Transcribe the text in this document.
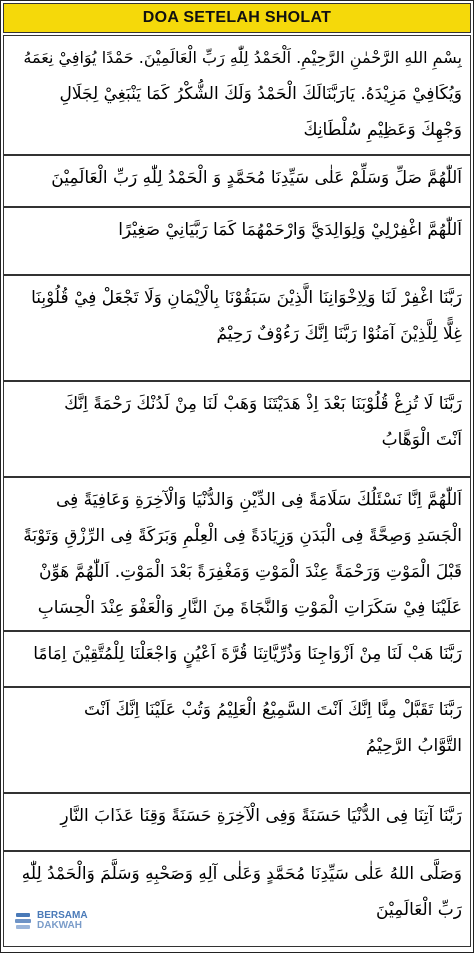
DOA SETELAH SHOLAT
بِسْمِ اللهِ الرَّحْمٰنِ الرَّحِيْمِ. اَلْحَمْدُ لِلّٰهِ رَبِّ الْعَالَمِيْنَ. حَمْدًا يُوَافِيْ نِعَمَهُ
وَيُكَافِيْ مَزِيْدَهُ. يَارَبَّنَالَكَ الْحَمْدُ وَلَكَ الشُّكْرُ كَمَا يَنْبَغِيْ لِجَلَالِ
وَجْهِكَ وَعَظِيْمِ سُلْطَانِكَ
اَللّٰهُمَّ صَلِّ وَسَلِّمْ عَلٰى سَيِّدِنَا مُحَمَّدٍ وَ الْحَمْدُ لِلّٰهِ رَبِّ الْعَالَمِيْنَ
اَللّٰهُمَّ اغْفِرْلِيْ وَلِوَالِدَيَّ وَارْحَمْهُمَا كَمَا رَبَّيَانِيْ صَغِيْرًا
رَبَّنَا اغْفِرْ لَنَا وَلِاِخْوَانِنَا الَّذِيْنَ سَبَقُوْنَا بِالْاِيْمَانِ وَلَا تَجْعَلْ فِيْ قُلُوْبِنَا
غِلًّا لِلَّذِيْنَ آمَنُوْا رَبَّنَا اِنَّكَ رَءُوْفٌ رَحِيْمٌ
رَبَّنَا لَا تُزِغْ قُلُوْبَنَا بَعْدَ اِذْ هَدَيْتَنَا وَهَبْ لَنَا مِنْ لَدُنْكَ رَحْمَةً اِنَّكَ
اَنْتَ الْوَهَّابُ
اَللّٰهُمَّ اِنَّا نَسْئَلُكَ سَلَامَةً فِى الدِّيْنِ وَالدُّنْيَا وَالْآخِرَةِ وَعَافِيَةً فِى
الْجَسَدِ وَصِحَّةً فِى الْبَدَنِ وَزِيَادَةً فِى الْعِلْمِ وَبَرَكَةً فِى الرِّزْقِ وَتَوْبَةً
قَبْلَ الْمَوْتِ وَرَحْمَةً عِنْدَ الْمَوْتِ وَمَغْفِرَةً بَعْدَ الْمَوْتِ. اَللّٰهُمَّ هَوِّنْ
عَلَيْنَا فِيْ سَكَرَاتِ الْمَوْتِ وَالنَّجَاةَ مِنَ النَّارِ وَالْعَفْوَ عِنْدَ الْحِسَابِ
رَبَّنَا هَبْ لَنَا مِنْ اَزْوَاجِنَا وَذُرِّيَّاتِنَا قُرَّةَ اَعْيُنٍ وَاجْعَلْنَا لِلْمُتَّقِيْنَ اِمَامًا
رَبَّنَا تَقَبَّلْ مِنَّا اِنَّكَ اَنْتَ السَّمِيْعُ الْعَلِيْمُ وَتُبْ عَلَيْنَا اِنَّكَ اَنْتَ
التَّوَّابُ الرَّحِيْمُ
رَبَّنَا آتِنَا فِى الدُّنْيَا حَسَنَةً وَفِى الْآخِرَةِ حَسَنَةً وَقِنَا عَذَابَ النَّارِ
وَصَلَّى اللهُ عَلٰى سَيِّدِنَا مُحَمَّدٍ وَعَلٰى آلِهِ وَصَحْبِهِ وَسَلَّمَ وَالْحَمْدُ لِلّٰهِ
رَبِّ الْعَالَمِيْنَ
BERSAMA
DAKWAH
